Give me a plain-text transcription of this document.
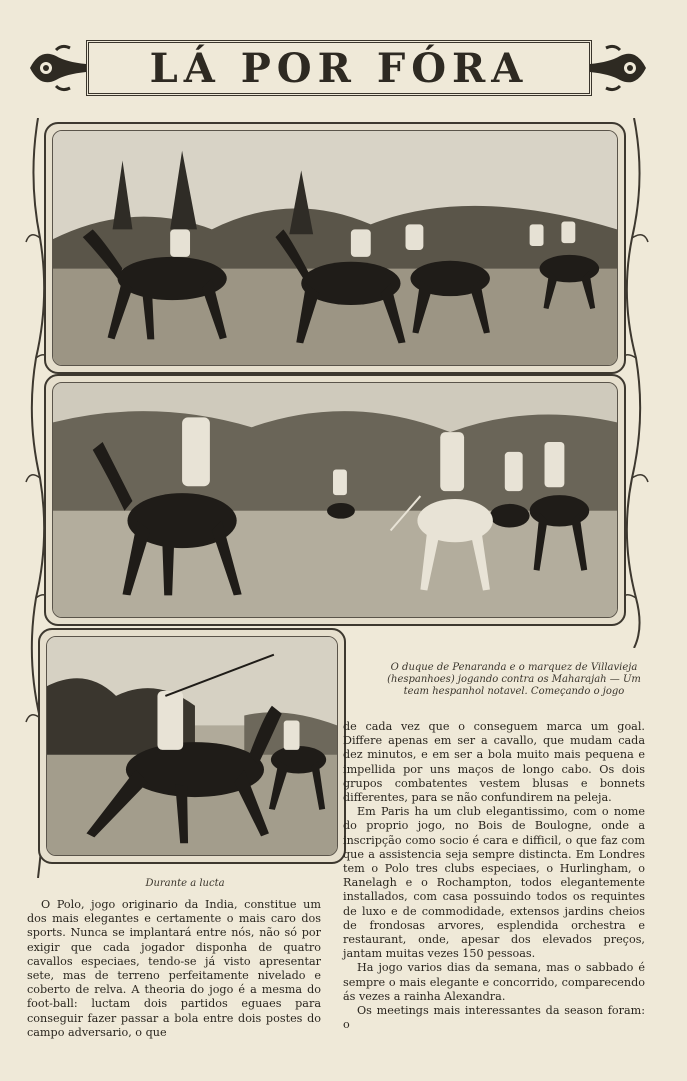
LÁ POR FÓRA
O duque de Penaranda e o marquez de Villavieja (hespanhoes) jogando contra os Maharajah — Um team hespanhol notavel. Começando o jogo
Durante a lucta

O Polo, jogo originario da India, constitue um dos mais elegantes e certamente o mais caro dos sports. Nunca se implantará entre nós, não só por exigir que cada jogador disponha de quatro cavallos especiaes, tendo-se já visto apresentar sete, mas de terreno perfeitamente nivelado e coberto de relva. A theoria do jogo é a mesma do foot-ball: luctam dois partidos eguaes para conseguir fazer passar a bola entre dois postes do campo adversario, o que

de cada vez que o conseguem marca um goal. Differe apenas em ser a cavallo, que mudam cada dez minutos, e em ser a bola muito mais pequena e impellida por uns maços de longo cabo. Os dois grupos combatentes vestem blusas e bonnets differentes, para se não confundirem na peleja.

Em Paris ha um club elegantissimo, com o nome do proprio jogo, no Bois de Boulogne, onde a inscripção como socio é cara e difficil, o que faz com que a assistencia seja sempre distincta. Em Londres tem o Polo tres clubs especiaes, o Hurlingham, o Ranelagh e o Rochampton, todos elegantemente installados, com casa possuindo todos os requintes de luxo e de commodidade, extensos jardins cheios de frondosas arvores, esplendida orchestra e restaurant, onde, apesar dos elevados preços, jantam muitas vezes 150 pessoas.

Ha jogo varios dias da semana, mas o sabbado é sempre o mais elegante e concorrido, comparecendo ás vezes a rainha Alexandra.

Os meetings mais interessantes da season foram: o
